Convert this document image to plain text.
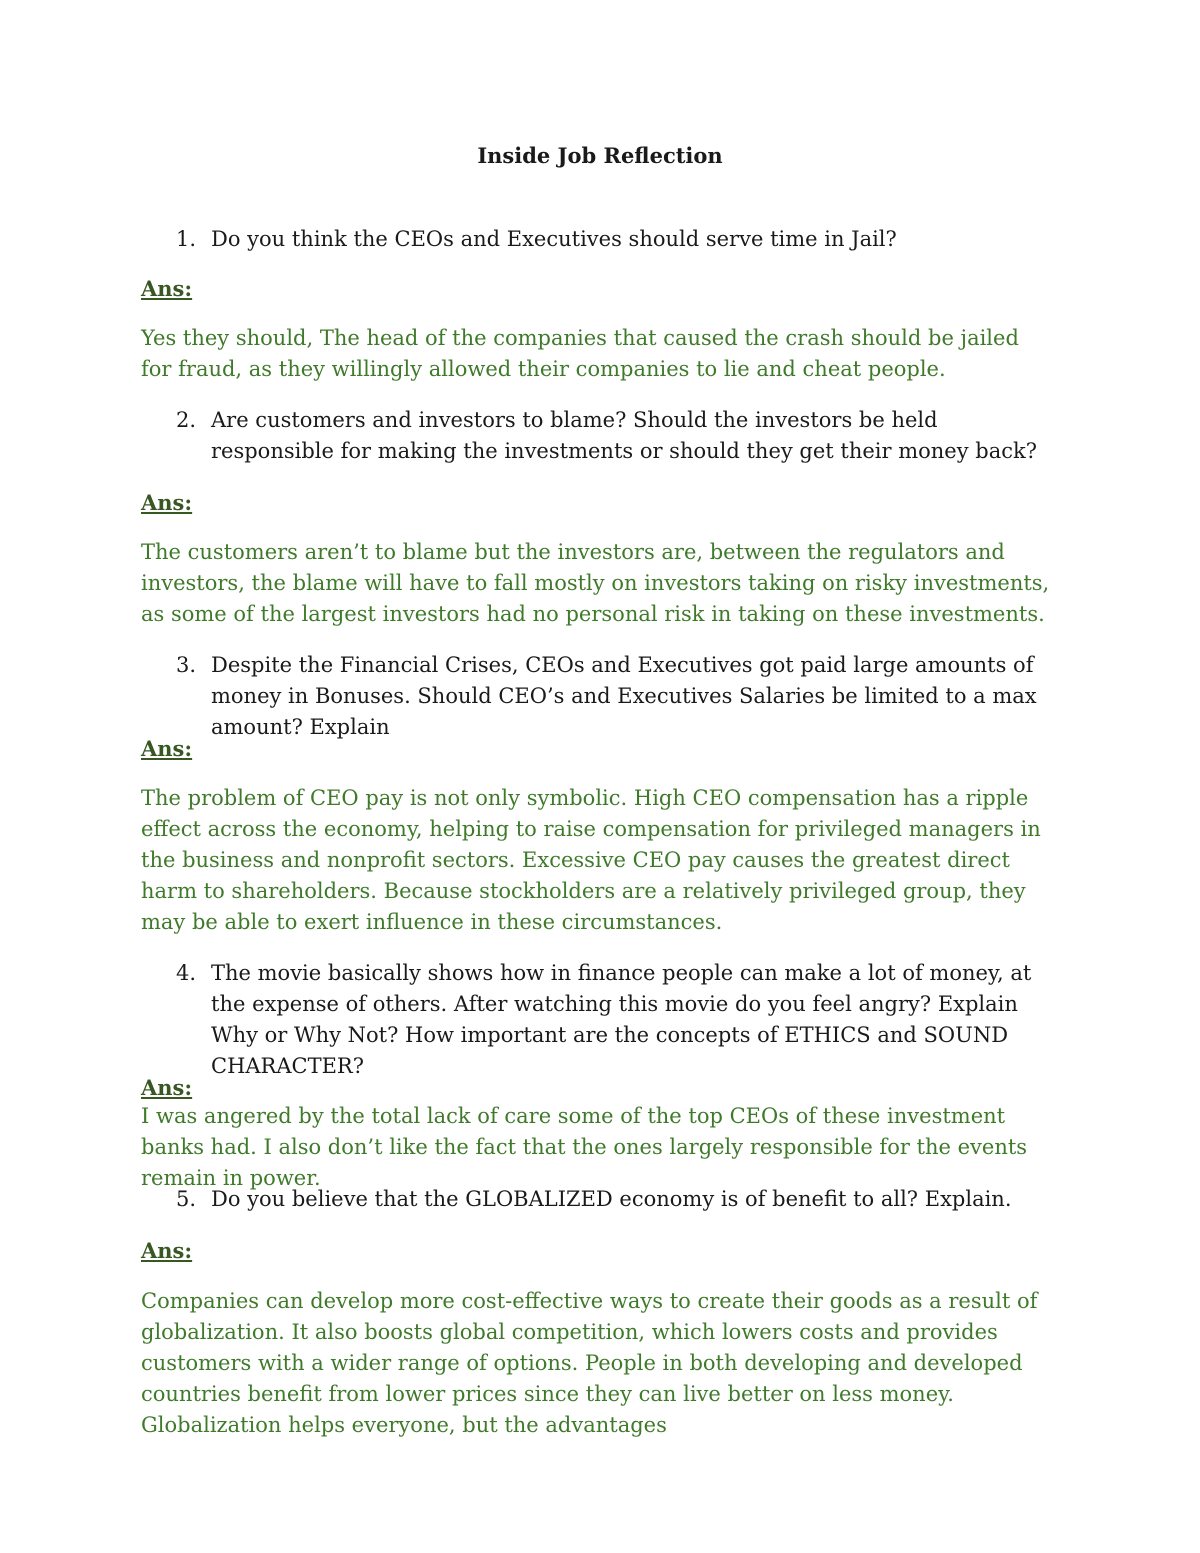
Inside Job Reflection
1. Do you think the CEOs and Executives should serve time in Jail?
Ans:
Yes they should, The head of the companies that caused the crash should be jailed for fraud, as they willingly allowed their companies to lie and cheat people.
2. Are customers and investors to blame? Should the investors be held responsible for making the investments or should they get their money back?
Ans:
The customers aren’t to blame but the investors are, between the regulators and investors, the blame will have to fall mostly on investors taking on risky investments, as some of the largest investors had no personal risk in taking on these investments.
3. Despite the Financial Crises, CEOs and Executives got paid large amounts of money in Bonuses. Should CEO’s and Executives Salaries be limited to a max amount? Explain
Ans:
The problem of CEO pay is not only symbolic. High CEO compensation has a ripple effect across the economy, helping to raise compensation for privileged managers in the business and nonprofit sectors. Excessive CEO pay causes the greatest direct harm to shareholders. Because stockholders are a relatively privileged group, they may be able to exert influence in these circumstances.
4. The movie basically shows how in finance people can make a lot of money, at the expense of others. After watching this movie do you feel angry? Explain Why or Why Not? How important are the concepts of ETHICS and SOUND CHARACTER?
Ans:
I was angered by the total lack of care some of the top CEOs of these investment banks had. I also don’t like the fact that the ones largely responsible for the events remain in power.
5. Do you believe that the GLOBALIZED economy is of benefit to all? Explain.
Ans:
Companies can develop more cost-effective ways to create their goods as a result of globalization. It also boosts global competition, which lowers costs and provides customers with a wider range of options. People in both developing and developed countries benefit from lower prices since they can live better on less money. Globalization helps everyone, but the advantages
